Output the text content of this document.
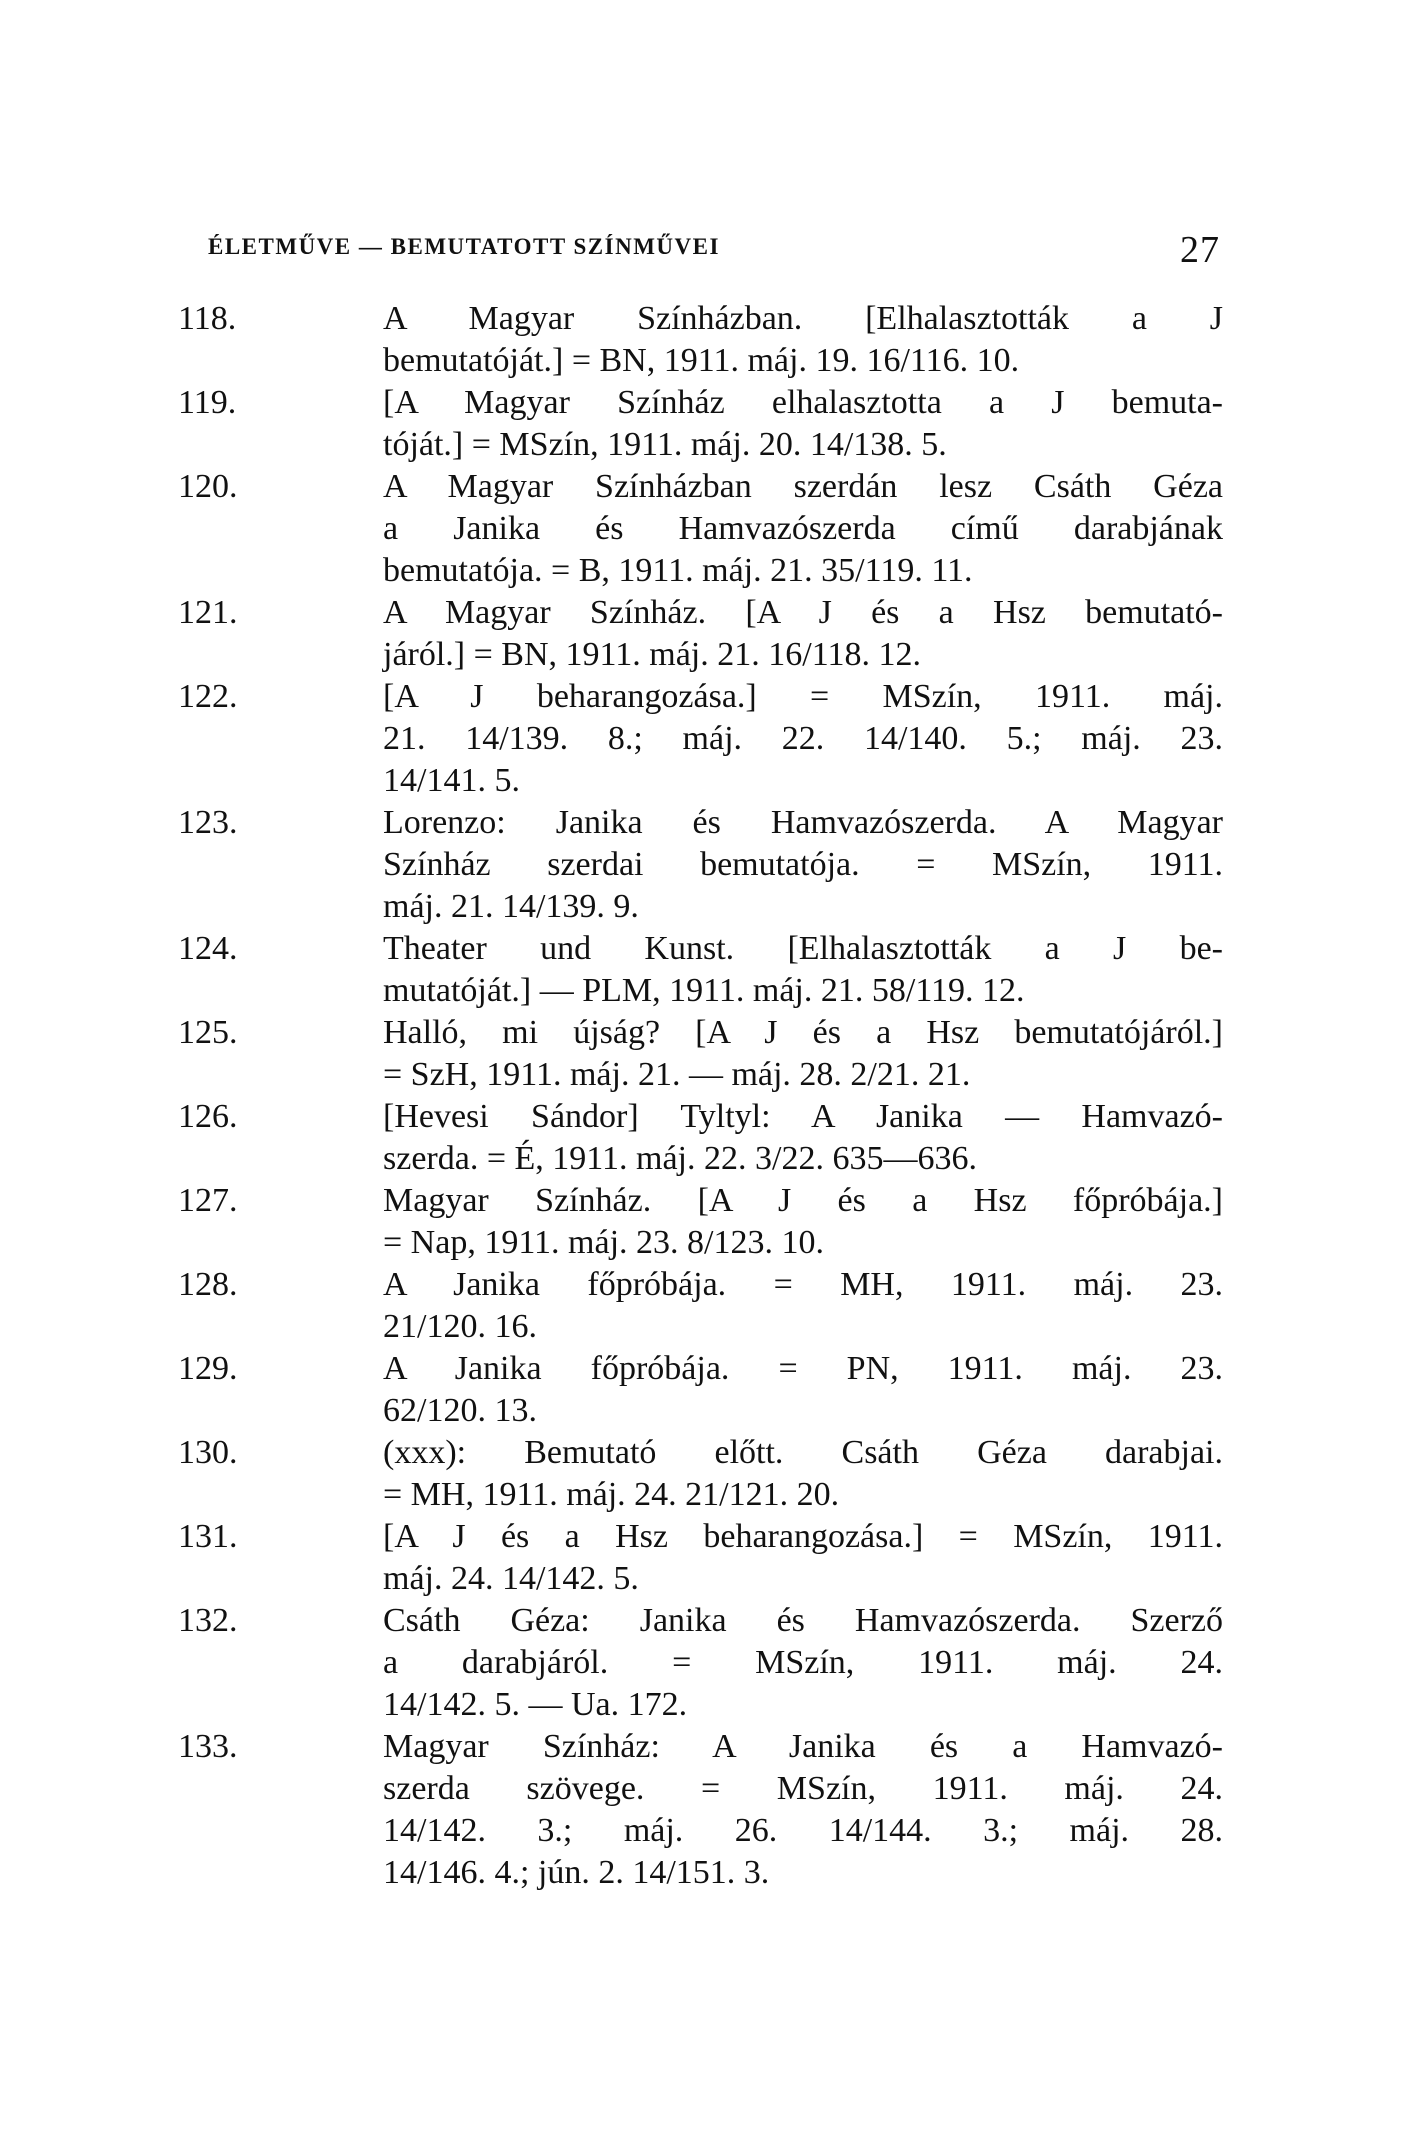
ÉLETMŰVE — BEMUTATOTT SZÍNMŰVEI	27
118.	A Magyar Színházban. [Elhalasztották a J
bemutatóját.] = BN, 1911. máj. 19. 16/116. 10.
119.	[A Magyar Színház elhalasztotta a J bemuta-
tóját.] = MSzín, 1911. máj. 20. 14/138. 5.
120.	A Magyar Színházban szerdán lesz Csáth Géza
a Janika és Hamvazószerda című darabjának
bemutatója. = B, 1911. máj. 21. 35/119. 11.
121.	A Magyar Színház. [A J és a Hsz bemutató-
járól.] = BN, 1911. máj. 21. 16/118. 12.
122.	[A J beharangozása.] = MSzín, 1911. máj.
21. 14/139. 8.; máj. 22. 14/140. 5.; máj. 23.
14/141. 5.
123.	Lorenzo: Janika és Hamvazószerda. A Magyar
Színház szerdai bemutatója. = MSzín, 1911.
máj. 21. 14/139. 9.
124.	Theater und Kunst. [Elhalasztották a J be-
mutatóját.] — PLM, 1911. máj. 21. 58/119. 12.
125.	Halló, mi újság? [A J és a Hsz bemutatójáról.]
= SzH, 1911. máj. 21. — máj. 28. 2/21. 21.
126.	[Hevesi Sándor] Tyltyl: A Janika — Hamvazó-
szerda. = É, 1911. máj. 22. 3/22. 635—636.
127.	Magyar Színház. [A J és a Hsz főpróbája.]
= Nap, 1911. máj. 23. 8/123. 10.
128.	A Janika főpróbája. = MH, 1911. máj. 23.
21/120. 16.
129.	A Janika főpróbája. = PN, 1911. máj. 23.
62/120. 13.
130.	(xxx): Bemutató előtt. Csáth Géza darabjai.
= MH, 1911. máj. 24. 21/121. 20.
131.	[A J és a Hsz beharangozása.] = MSzín, 1911.
máj. 24. 14/142. 5.
132.	Csáth Géza: Janika és Hamvazószerda. Szerző
a darabjáról. = MSzín, 1911. máj. 24.
14/142. 5. — Ua. 172.
133.	Magyar Színház: A Janika és a Hamvazó-
szerda szövege. = MSzín, 1911. máj. 24.
14/142. 3.; máj. 26. 14/144. 3.; máj. 28.
14/146. 4.; jún. 2. 14/151. 3.
